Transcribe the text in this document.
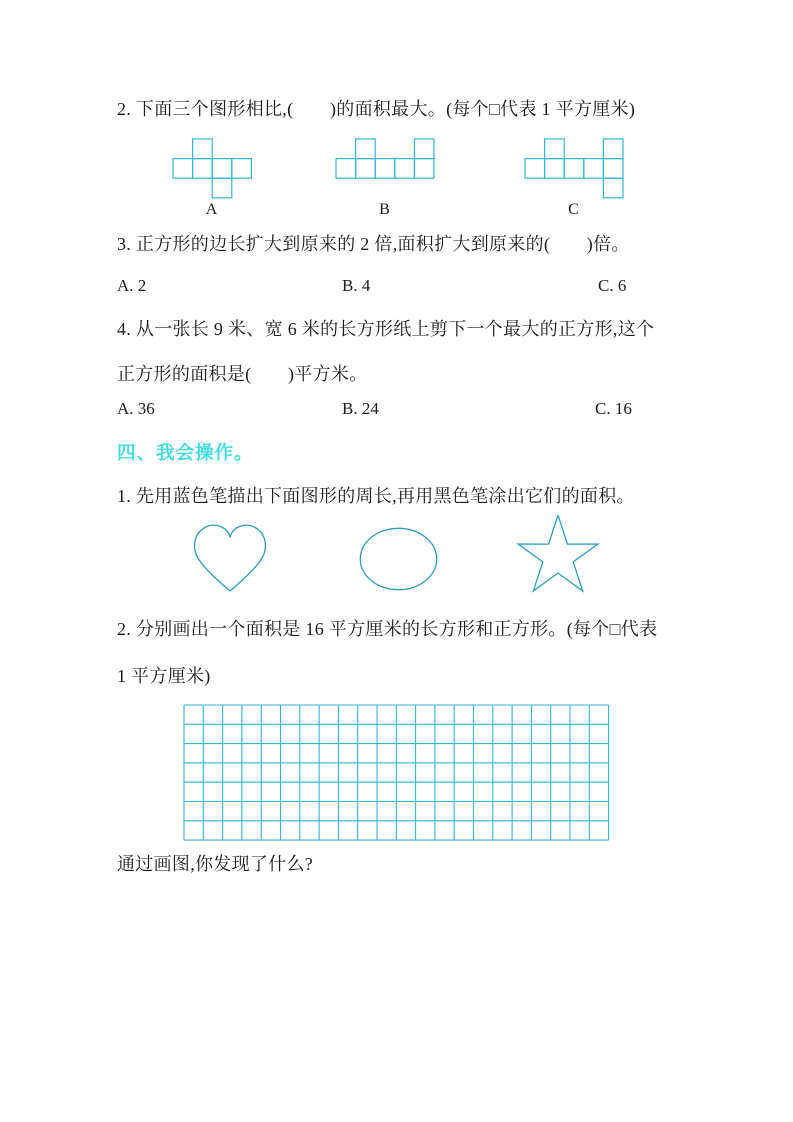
2. 下面三个图形相比,(　　)的面积最大。(每个□代表 1 平方厘米)
A	B	C
3. 正方形的边长扩大到原来的 2 倍,面积扩大到原来的(　　)倍。
A. 2	B. 4	C. 6
4. 从一张长 9 米、宽 6 米的长方形纸上剪下一个最大的正方形,这个
正方形的面积是(　　)平方米。
A. 36	B. 24	C. 16
四、我会操作。
1. 先用蓝色笔描出下面图形的周长,再用黑色笔涂出它们的面积。
2. 分别画出一个面积是 16 平方厘米的长方形和正方形。(每个□代表
1 平方厘米)
通过画图,你发现了什么?
